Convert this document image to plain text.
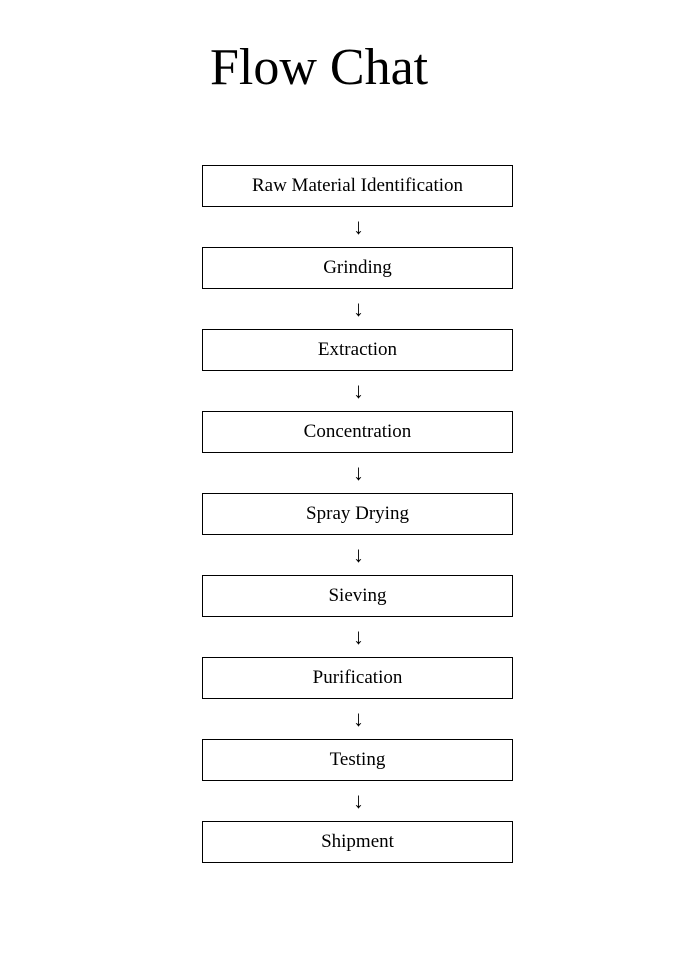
Flow Chat
Raw Material Identification
↓
Grinding
↓
Extraction
↓
Concentration
↓
Spray Drying
↓
Sieving
↓
Purification
↓
Testing
↓
Shipment
